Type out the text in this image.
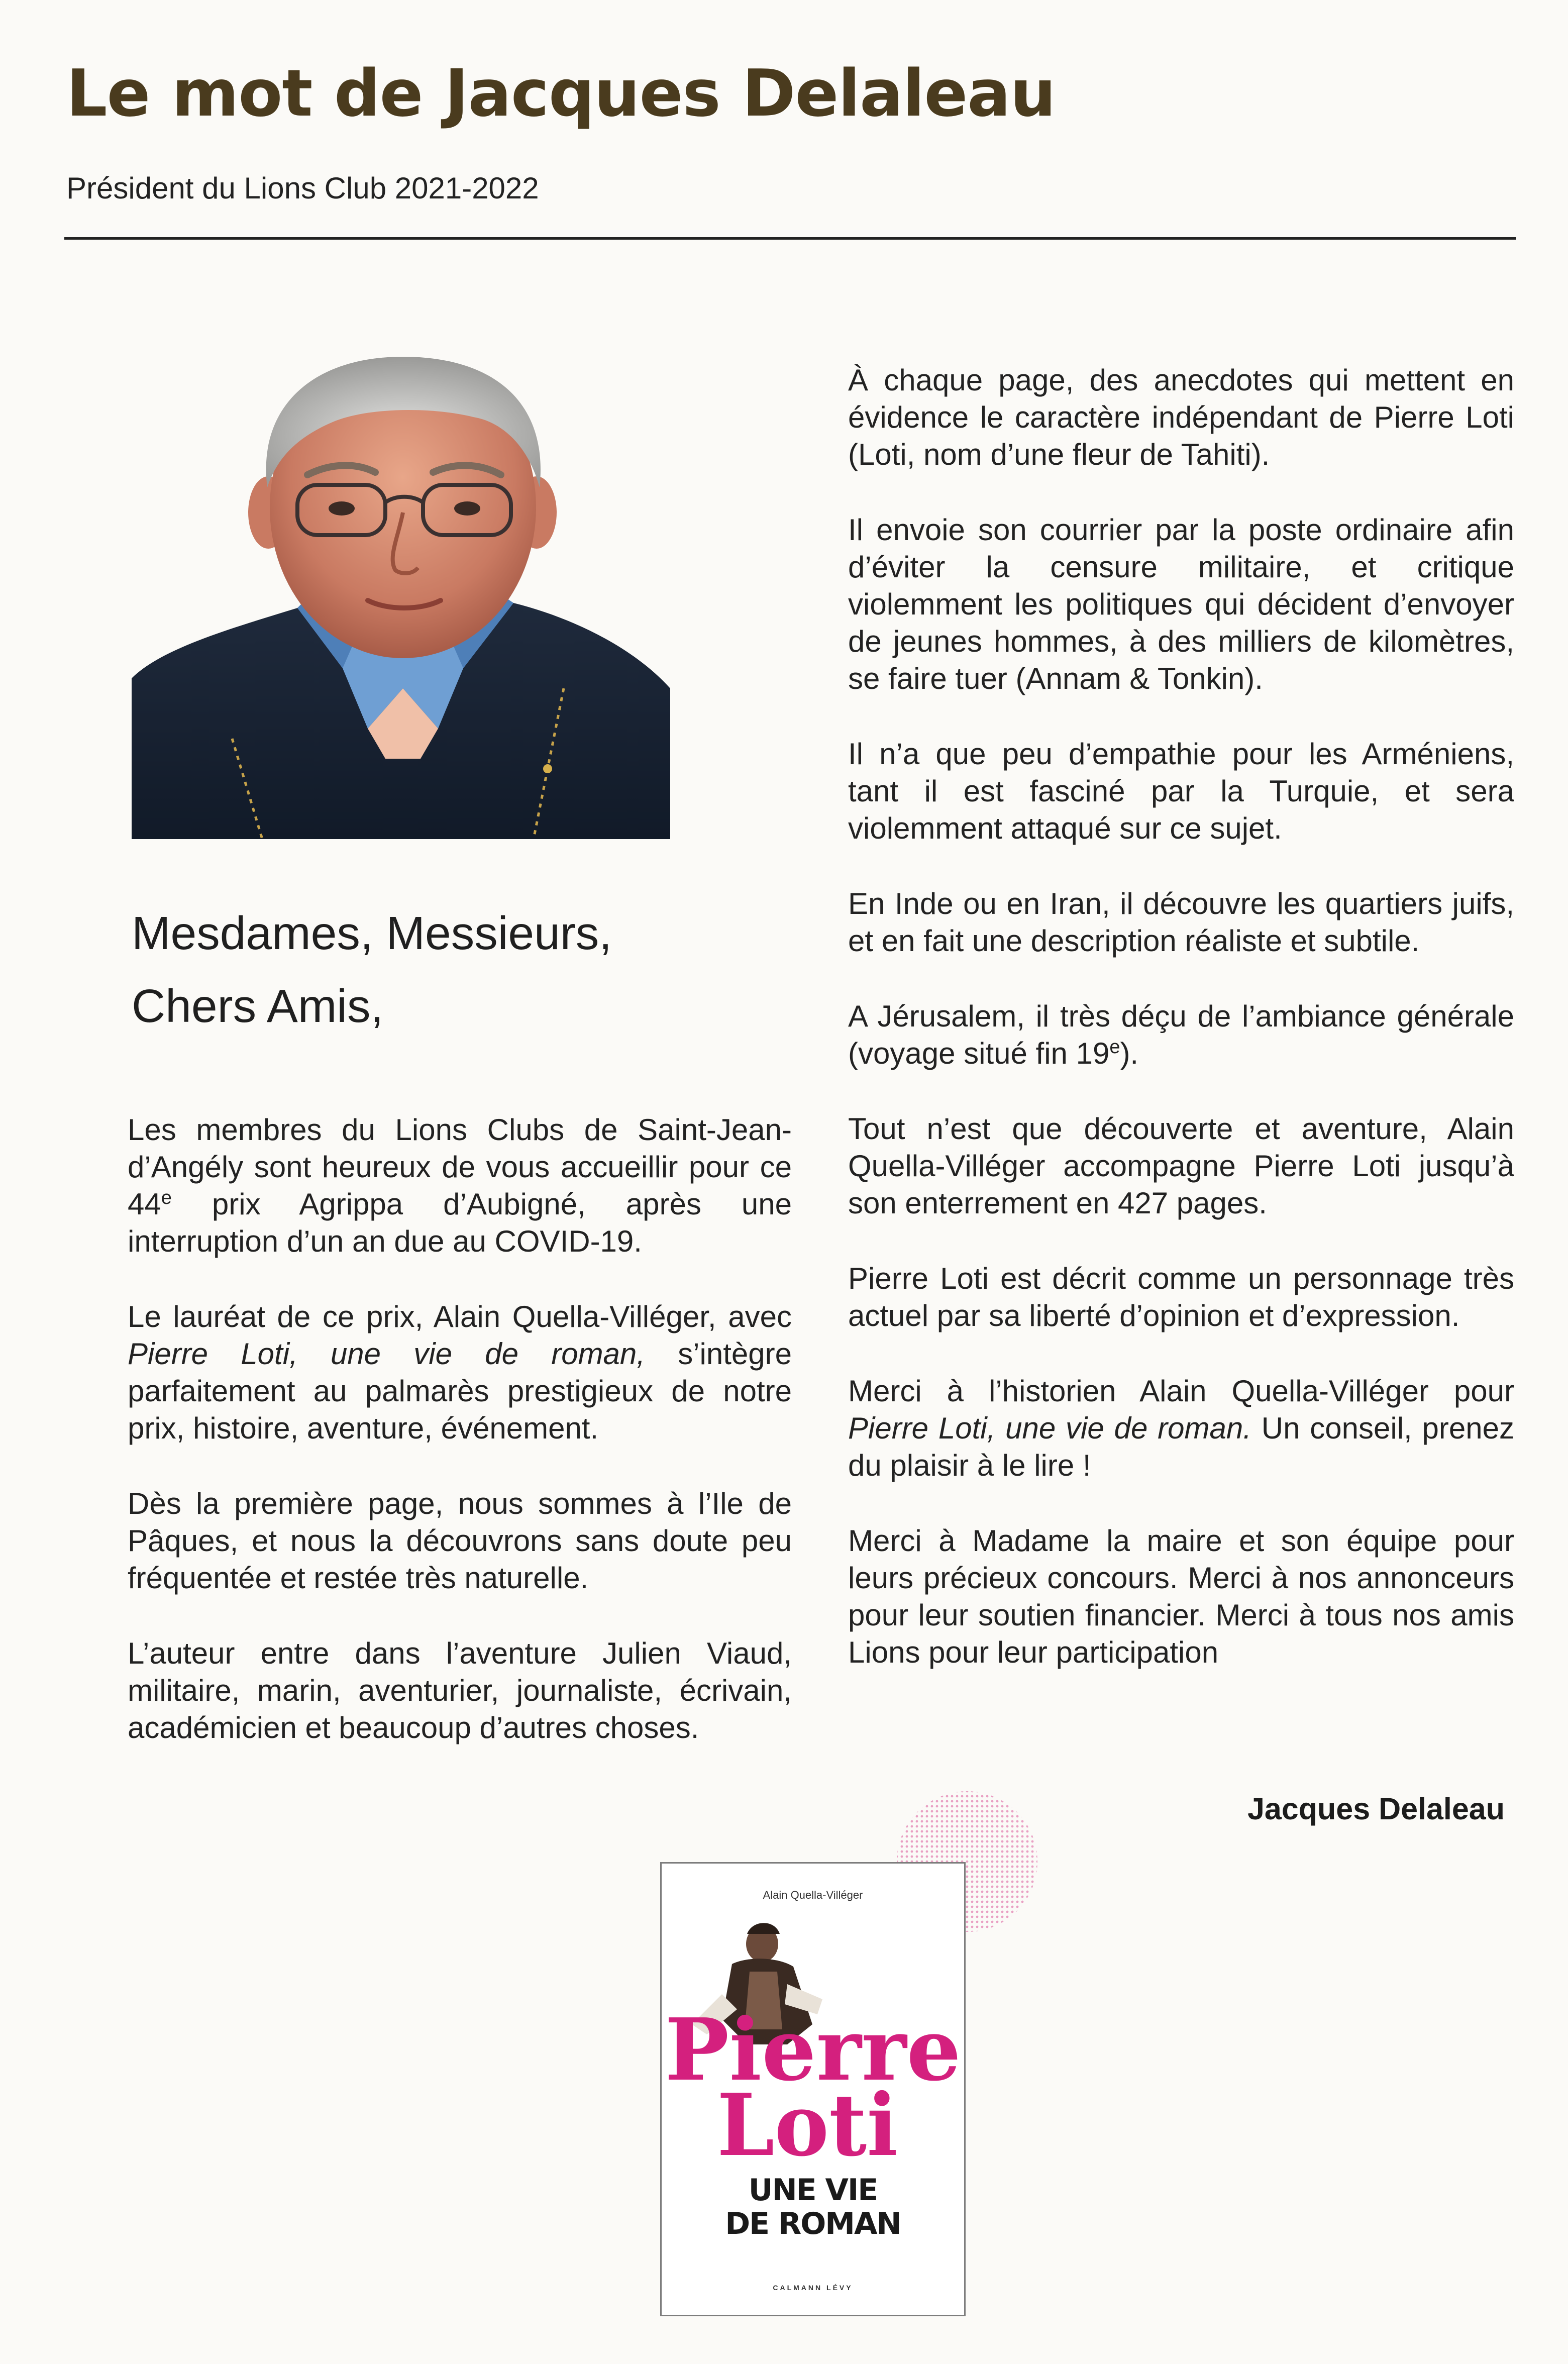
Le mot de Jacques Delaleau

Président du Lions Club 2021-2022

Mesdames, Messieurs,
Chers Amis,

Les membres du Lions Clubs de Saint-Jean-d’Angély sont heureux de vous accueillir pour ce 44e prix Agrippa d’Aubigné, après une interruption d’un an due au COVID-19.

Le lauréat de ce prix, Alain Quella-Villéger, avec Pierre Loti, une vie de roman, s’intègre parfaitement au palmarès prestigieux de notre prix, histoire, aventure, événement.

Dès la première page, nous sommes à l’Ile de Pâques, et nous la découvrons sans doute peu fréquentée et restée très naturelle.

L’auteur entre dans l’aventure Julien Viaud, militaire, marin, aventurier, journaliste, écrivain, académicien et beaucoup d’autres choses.

À chaque page, des anecdotes qui mettent en évidence le caractère indépendant de Pierre Loti (Loti, nom d’une fleur de Tahiti).

Il envoie son courrier par la poste ordinaire afin d’éviter la censure militaire, et critique violemment les politiques qui décident d’envoyer de jeunes hommes, à des milliers de kilomètres, se faire tuer (Annam & Tonkin).

Il n’a que peu d’empathie pour les Arméniens, tant il est fasciné par la Turquie, et sera violemment attaqué sur ce sujet.

En Inde ou en Iran, il découvre les quartiers juifs, et en fait une description réaliste et subtile.

A Jérusalem, il très déçu de l’ambiance générale (voyage situé fin 19e).

Tout n’est que découverte et aventure, Alain Quella-Villéger accompagne Pierre Loti jusqu’à son enterrement en 427 pages.

Pierre Loti est décrit comme un personnage très actuel par sa liberté d’opinion et d’expression.

Merci à l’historien Alain Quella-Villéger pour Pierre Loti, une vie de roman. Un conseil, prenez du plaisir à le lire !

Merci à Madame la maire et son équipe pour leurs précieux concours. Merci à nos annonceurs pour leur soutien financier. Merci à tous nos amis Lions pour leur participation

Jacques Delaleau

Alain Quella-Villéger
Pierre
Loti
UNE VIE
DE ROMAN
CALMANN LÉVY
